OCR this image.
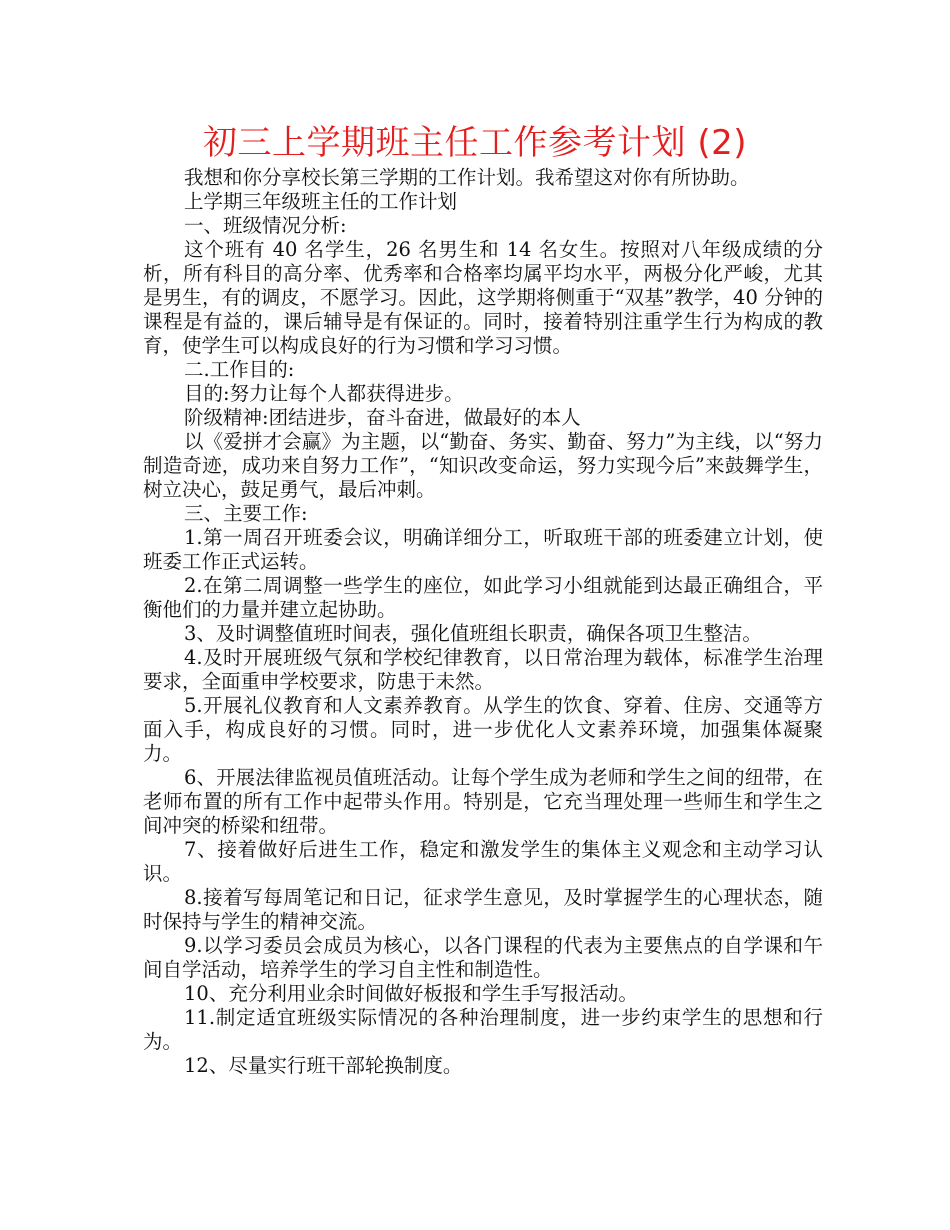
初三上学期班主任工作参考计划 (2)

我想和你分享校长第三学期的工作计划。我希望这对你有所协助。

上学期三年级班主任的工作计划

一、班级情况分析:

这个班有 40 名学生，26 名男生和 14 名女生。按照对八年级成绩的分析，所有科目的高分率、优秀率和合格率均属平均水平，两极分化严峻，尤其是男生，有的调皮，不愿学习。因此，这学期将侧重于“双基”教学，40 分钟的课程是有益的，课后辅导是有保证的。同时，接着特别注重学生行为构成的教育，使学生可以构成良好的行为习惯和学习习惯。

二.工作目的:

目的:努力让每个人都获得进步。

阶级精神:团结进步，奋斗奋进，做最好的本人

以《爱拼才会赢》为主题，以“勤奋、务实、勤奋、努力”为主线，以“努力制造奇迹，成功来自努力工作”，“知识改变命运，努力实现今后”来鼓舞学生，树立决心，鼓足勇气，最后冲刺。

三、主要工作:

1.第一周召开班委会议，明确详细分工，听取班干部的班委建立计划，使班委工作正式运转。

2.在第二周调整一些学生的座位，如此学习小组就能到达最正确组合，平衡他们的力量并建立起协助。

3、及时调整值班时间表，强化值班组长职责，确保各项卫生整洁。

4.及时开展班级气氛和学校纪律教育，以日常治理为载体，标准学生治理要求，全面重申学校要求，防患于未然。

5.开展礼仪教育和人文素养教育。从学生的饮食、穿着、住房、交通等方面入手，构成良好的习惯。同时，进一步优化人文素养环境，加强集体凝聚力。

6、开展法律监视员值班活动。让每个学生成为老师和学生之间的纽带，在老师布置的所有工作中起带头作用。特别是，它充当理处理一些师生和学生之间冲突的桥梁和纽带。

7、接着做好后进生工作，稳定和激发学生的集体主义观念和主动学习认识。

8.接着写每周笔记和日记，征求学生意见，及时掌握学生的心理状态，随时保持与学生的精神交流。

9.以学习委员会成员为核心，以各门课程的代表为主要焦点的自学课和午间自学活动，培养学生的学习自主性和制造性。

10、充分利用业余时间做好板报和学生手写报活动。

11.制定适宜班级实际情况的各种治理制度，进一步约束学生的思想和行为。

12、尽量实行班干部轮换制度。
